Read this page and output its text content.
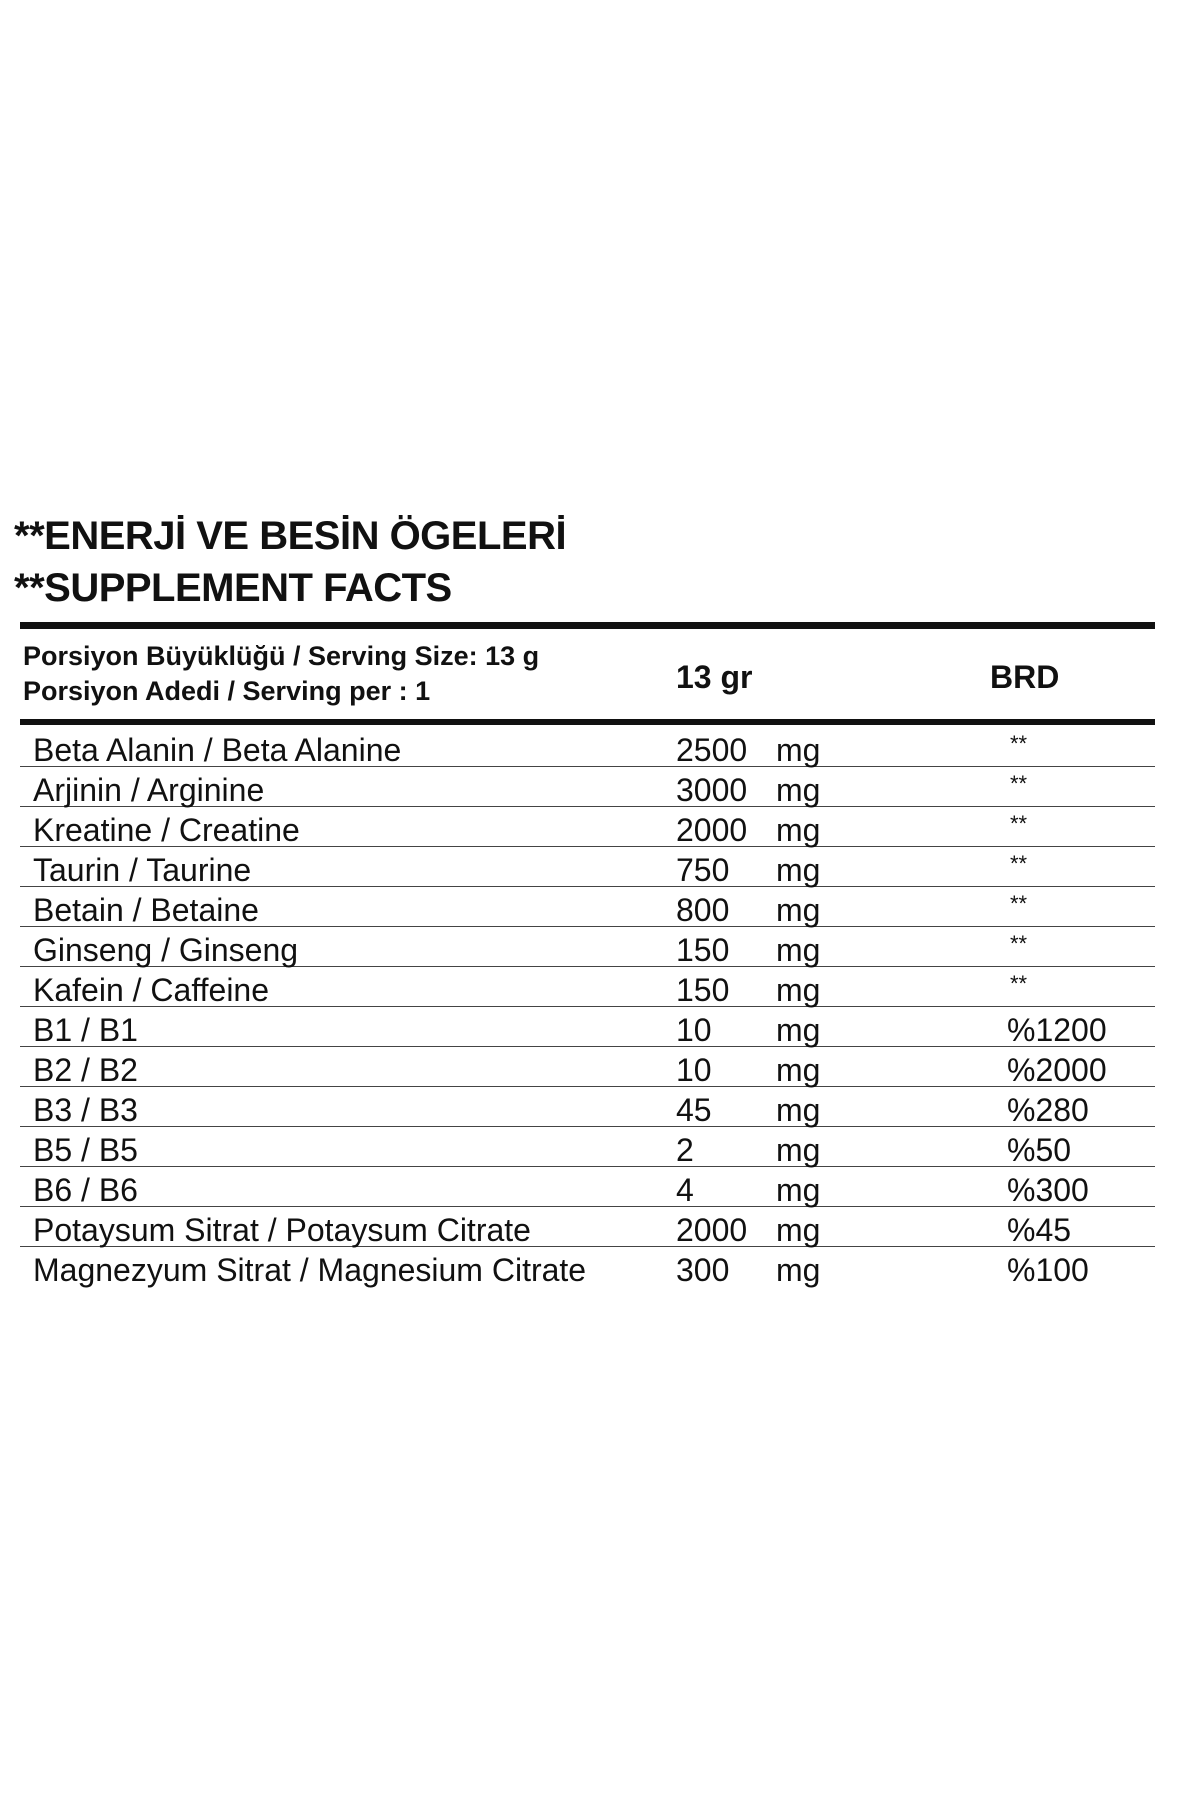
**ENERJİ VE BESİN ÖGELERİ
**SUPPLEMENT FACTS
Porsiyon Büyüklüğü / Serving Size: 13 g
Porsiyon Adedi / Serving per : 1	13 gr	BRD
Beta Alanin / Beta Alanine	2500 mg	**
Arjinin / Arginine	3000 mg	**
Kreatine / Creatine	2000 mg	**
Taurin / Taurine	750 mg	**
Betain / Betaine	800 mg	**
Ginseng / Ginseng	150 mg	**
Kafein / Caffeine	150 mg	**
B1 / B1	10 mg	%1200
B2 / B2	10 mg	%2000
B3 / B3	45 mg	%280
B5 / B5	2	mg	%50
B6 / B6	4	mg	%300
Potaysum Sitrat / Potaysum Citrate	2000 mg	%45
Magnezyum Sitrat / Magnesium Citrate	300 mg	%100
